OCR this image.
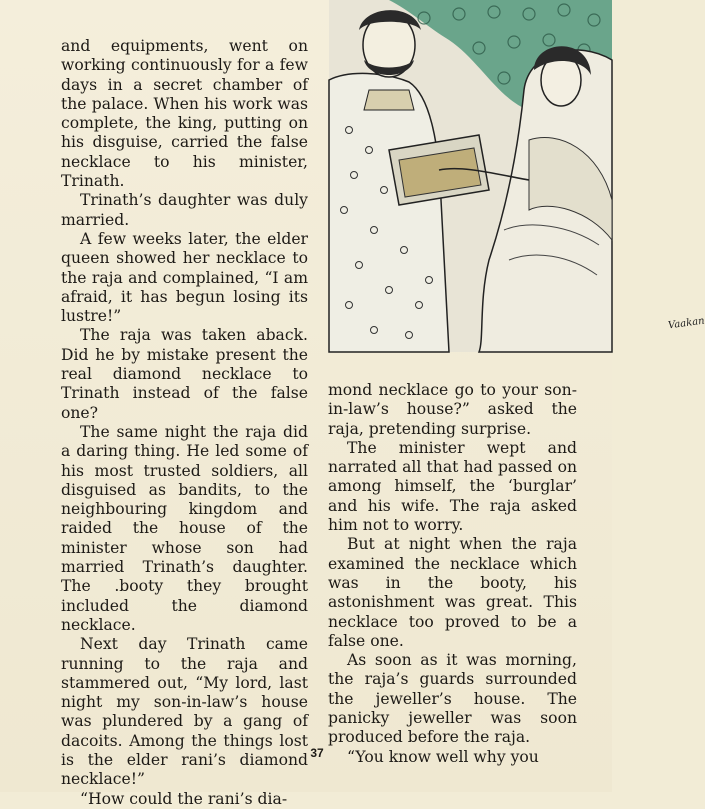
and equipments, went on working continuously for a few days in a secret chamber of the palace. When his work was complete, the king, putting on his disguise, carried the false necklace to his minister, Trinath.

Trinath’s daughter was duly married.

A few weeks later, the elder queen showed her necklace to the raja and complained, “I am afraid, it has begun losing its lustre!”

The raja was taken aback. Did he by mistake present the real diamond necklace to Trinath instead of the false one?

The same night the raja did a daring thing. He led some of his most trusted soldiers, all disguised as bandits, to the neighbouring kingdom and raided the house of the minister whose son had married Trinath’s daughter. The .booty they brought included the diamond necklace.

Next day Trinath came running to the raja and stammered out, “My lord, last night my son-in-law’s house was plundered by a gang of dacoits. Among the things lost is the elder rani’s diamond necklace!”

“How could the rani’s dia-

Vaakan

mond necklace go to your son-in-law’s house?” asked the raja, pretending surprise.

The minister wept and narrated all that had passed on among himself, the ‘burglar’ and his wife. The raja asked him not to worry.

But at night when the raja examined the necklace which was in the booty, his astonishment was great. This necklace too proved to be a false one.

As soon as it was morning, the raja’s guards surrounded the jeweller’s house. The panicky jeweller was soon produced before the raja.

“You know well why you

37
